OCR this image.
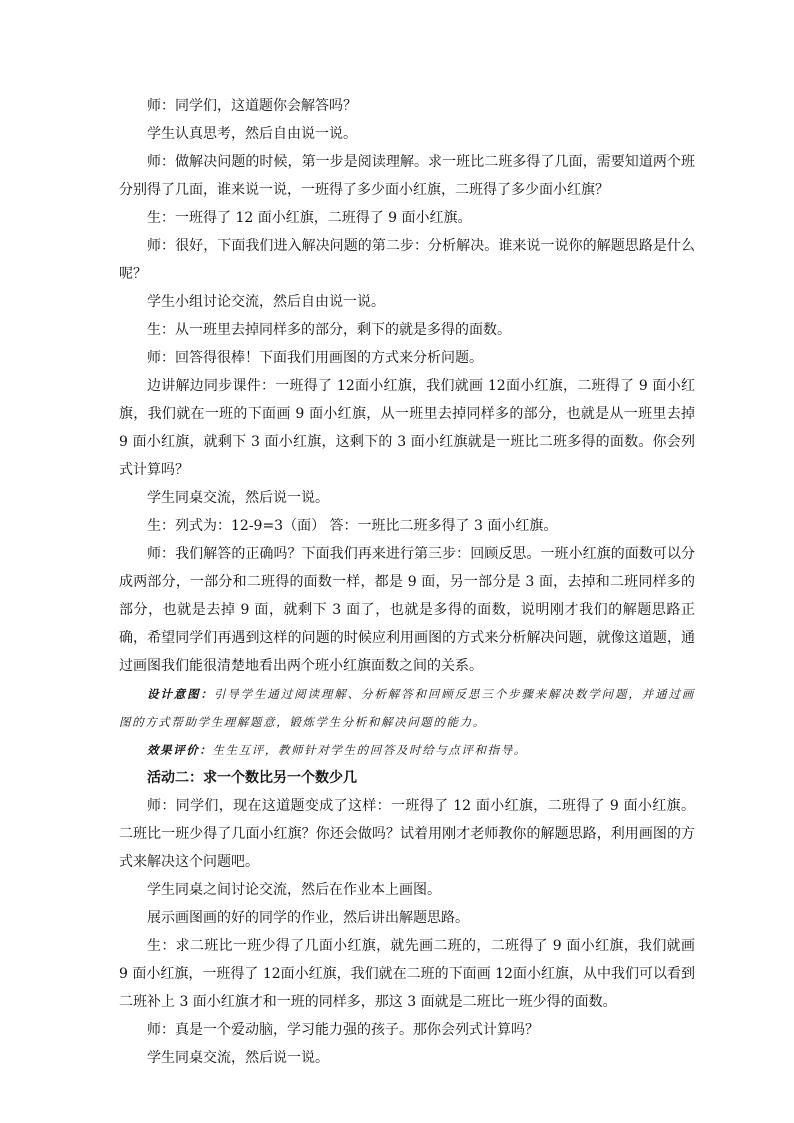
师：同学们，这道题你会解答吗？

学生认真思考，然后自由说一说。

师：做解决问题的时候，第一步是阅读理解。求一班比二班多得了几面，需要知道两个班分别得了几面，谁来说一说，一班得了多少面小红旗，二班得了多少面小红旗？

生：一班得了 12 面小红旗，二班得了 9 面小红旗。

师：很好，下面我们进入解决问题的第二步：分析解决。谁来说一说你的解题思路是什么呢？

学生小组讨论交流，然后自由说一说。

生：从一班里去掉同样多的部分，剩下的就是多得的面数。

师：回答得很棒！下面我们用画图的方式来分析问题。

边讲解边同步课件：一班得了 12面小红旗，我们就画 12面小红旗，二班得了 9 面小红旗，我们就在一班的下面画 9 面小红旗，从一班里去掉同样多的部分，也就是从一班里去掉 9 面小红旗，就剩下 3 面小红旗，这剩下的 3 面小红旗就是一班比二班多得的面数。你会列式计算吗？

学生同桌交流，然后说一说。

生：列式为：12-9=3（面） 答：一班比二班多得了 3 面小红旗。

师：我们解答的正确吗？下面我们再来进行第三步：回顾反思。一班小红旗的面数可以分成两部分，一部分和二班得的面数一样，都是 9 面，另一部分是 3 面，去掉和二班同样多的部分，也就是去掉 9 面，就剩下 3 面了，也就是多得的面数，说明刚才我们的解题思路正确，希望同学们再遇到这样的问题的时候应利用画图的方式来分析解决问题，就像这道题，通过画图我们能很清楚地看出两个班小红旗面数之间的关系。

设计意图：引导学生通过阅读理解、分析解答和回顾反思三个步骤来解决数学问题，并通过画图的方式帮助学生理解题意，锻炼学生分析和解决问题的能力。

效果评价：生生互评，教师针对学生的回答及时给与点评和指导。

活动二：求一个数比另一个数少几

师：同学们，现在这道题变成了这样：一班得了 12 面小红旗，二班得了 9 面小红旗。二班比一班少得了几面小红旗？你还会做吗？试着用刚才老师教你的解题思路，利用画图的方式来解决这个问题吧。

学生同桌之间讨论交流，然后在作业本上画图。

展示画图画的好的同学的作业，然后讲出解题思路。

生：求二班比一班少得了几面小红旗，就先画二班的，二班得了 9 面小红旗，我们就画 9 面小红旗，一班得了 12面小红旗，我们就在二班的下面画 12面小红旗，从中我们可以看到二班补上 3 面小红旗才和一班的同样多，那这 3 面就是二班比一班少得的面数。

师：真是一个爱动脑，学习能力强的孩子。那你会列式计算吗？

学生同桌交流，然后说一说。
